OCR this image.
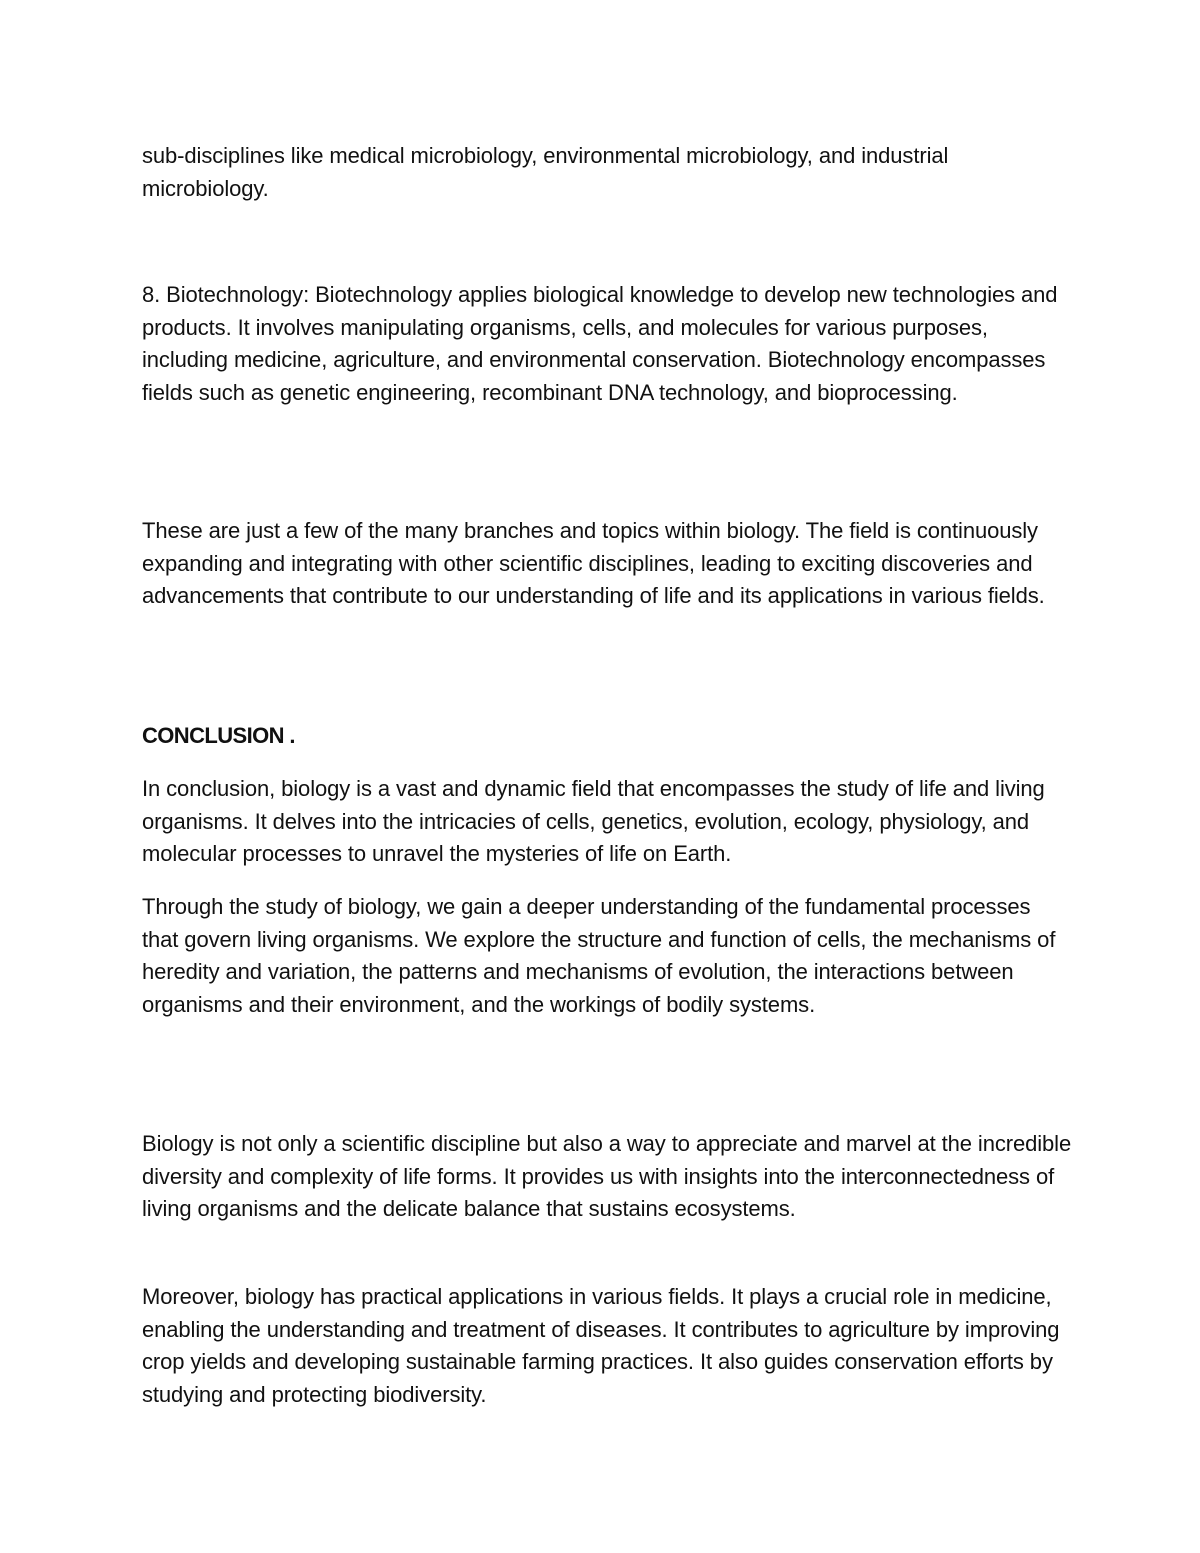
sub-disciplines like medical microbiology, environmental microbiology, and industrial microbiology.

8. Biotechnology: Biotechnology applies biological knowledge to develop new technologies and products. It involves manipulating organisms, cells, and molecules for various purposes, including medicine, agriculture, and environmental conservation. Biotechnology encompasses fields such as genetic engineering, recombinant DNA technology, and bioprocessing.

These are just a few of the many branches and topics within biology. The field is continuously expanding and integrating with other scientific disciplines, leading to exciting discoveries and advancements that contribute to our understanding of life and its applications in various fields.

CONCLUSION .

In conclusion, biology is a vast and dynamic field that encompasses the study of life and living organisms. It delves into the intricacies of cells, genetics, evolution, ecology, physiology, and molecular processes to unravel the mysteries of life on Earth.

Through the study of biology, we gain a deeper understanding of the fundamental processes that govern living organisms. We explore the structure and function of cells, the mechanisms of heredity and variation, the patterns and mechanisms of evolution, the interactions between organisms and their environment, and the workings of bodily systems.

Biology is not only a scientific discipline but also a way to appreciate and marvel at the incredible diversity and complexity of life forms. It provides us with insights into the interconnectedness of living organisms and the delicate balance that sustains ecosystems.

Moreover, biology has practical applications in various fields. It plays a crucial role in medicine, enabling the understanding and treatment of diseases. It contributes to agriculture by improving crop yields and developing sustainable farming practices. It also guides conservation efforts by studying and protecting biodiversity.
